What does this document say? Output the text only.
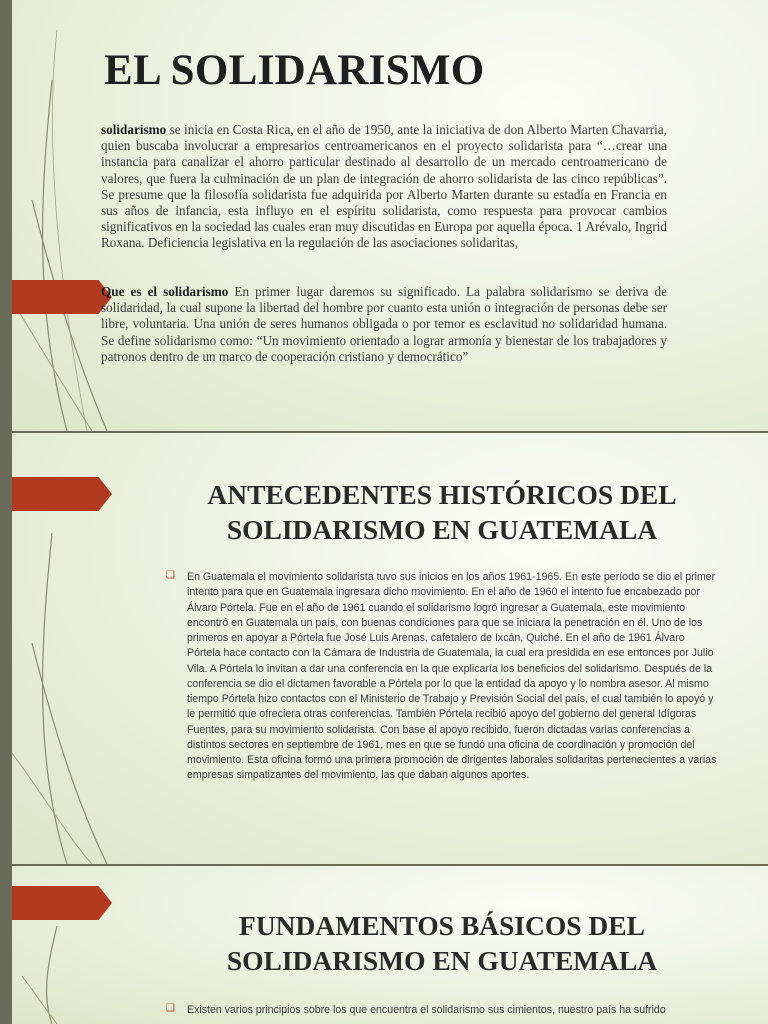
EL SOLIDARISMO

solidarismo se inicia en Costa Rica, en el año de 1950, ante la iniciativa de don Alberto Marten Chavarria, quien buscaba involucrar a empresarios centroamericanos en el proyecto solidarista para “…crear una instancia para canalizar el ahorro particular destinado al desarrollo de un mercado centroamericano de valores, que fuera la culminación de un plan de integración de ahorro solidarista de las cinco repúblicas”. Se presume que la filosofía solidarista fue adquirida por Alberto Marten durante su estadía en Francia en sus años de infancia, esta influyo en el espíritu solidarista, como respuesta para provocar cambios significativos en la sociedad las cuales eran muy discutidas en Europa por aquella época. 1 Arévalo, Ingrid Roxana. Deficiencia legislativa en la regulación de las asociaciones solidaritas,

Que es el solidarismo En primer lugar daremos su significado. La palabra solidarismo se deriva de solidaridad, la cual supone la libertad del hombre por cuanto esta unión o integración de personas debe ser libre, voluntaria. Una unión de seres humanos obligada o por temor es esclavitud no solidaridad humana. Se define solidarismo como: “Un movimiento orientado a lograr armonía y bienestar de los trabajadores y patronos dentro de un marco de cooperación cristiano y democrático”

ANTECEDENTES HISTÓRICOS DEL SOLIDARISMO EN GUATEMALA
❑ En Guatemala el movimiento solidarista tuvo sus inicios en los años 1961-1965. En este período se dio el primer intento para que en Guatemala ingresara dicho movimiento. En el año de 1960 el intento fue encabezado por Álvaro Pórtela. Fue en el año de 1961 cuando el solidarismo logró ingresar a Guatemala, este movimiento encontró en Guatemala un país, con buenas condiciones para que se iniciara la penetración en él. Uno de los primeros en apoyar a Pórtela fue José Luis Arenas, cafetalero de Ixcán, Quiché. En el año de 1961 Álvaro Pórtela hace contacto con la Cámara de Industria de Guatemala, la cual era presidida en ese entonces por Julio Vila. A Pórtela lo invitan a dar una conferencia en la que explicaría los beneficios del solidarismo. Después de la conferencia se dio el dictamen favorable a Pórtela por lo que la entidad da apoyo y lo nombra asesor. Al mismo tiempo Pórtela hizo contactos con el Ministerio de Trabajo y Previsión Social del país, el cual también lo apoyó y le permitió que ofreciera otras conferencias. También Pórtela recibió apoyo del gobierno del general Idígoras Fuentes, para su movimiento solidarista. Con base al apoyo recibido, fueron dictadas varias conferencias a distintos sectores en septiembre de 1961, mes en que se fundó una oficina de coordinación y promoción del movimiento. Esta oficina formó una primera promoción de dirigentes laborales solidaritas pertenecientes a varias empresas simpatizantes del movimiento, las que daban algunos aportes.

FUNDAMENTOS BÁSICOS DEL SOLIDARISMO EN GUATEMALA
❑ Existen varios principios sobre los que encuentra el solidarismo sus cimientos, nuestro país ha sufrido
